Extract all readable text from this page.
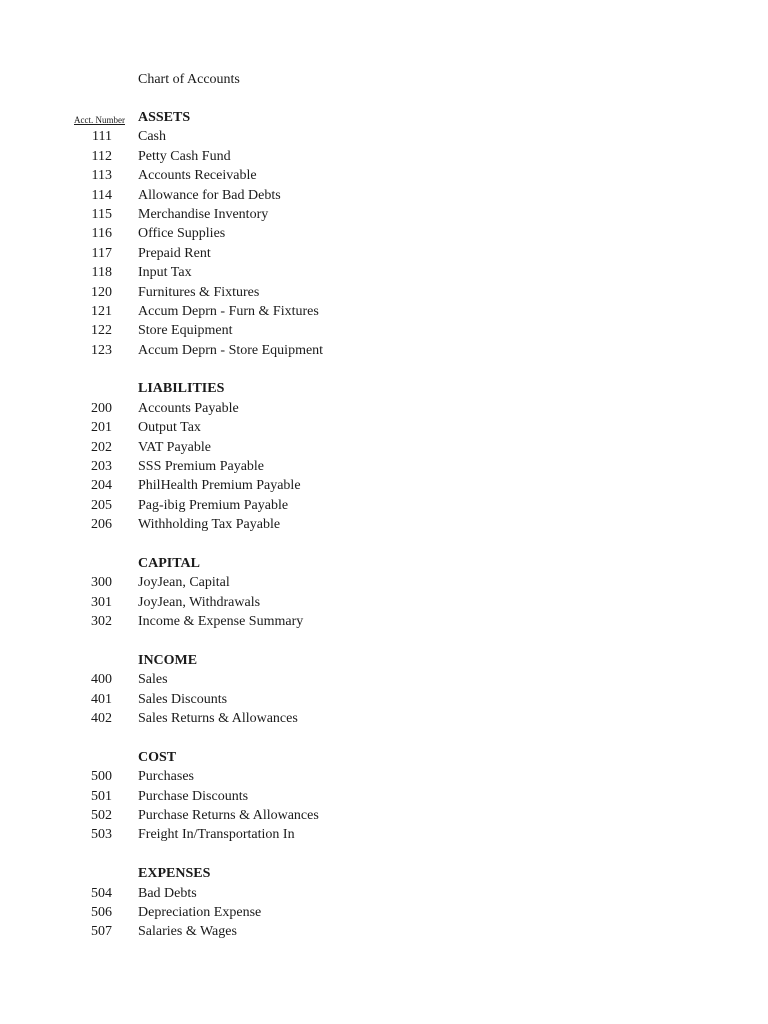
Chart of Accounts
Acct. Number ASSETS
111	Cash
112	Petty Cash Fund
113	Accounts Receivable
114	Allowance for Bad Debts
115	Merchandise Inventory
116	Office Supplies
117	Prepaid Rent
118	Input Tax
120	Furnitures & Fixtures
121	Accum Deprn - Furn & Fixtures
122	Store Equipment
123	Accum Deprn - Store Equipment
LIABILITIES
200	Accounts Payable
201	Output Tax
202	VAT Payable
203	SSS Premium Payable
204	PhilHealth Premium Payable
205	Pag-ibig Premium Payable
206	Withholding Tax Payable
CAPITAL
300	JoyJean, Capital
301	JoyJean, Withdrawals
302	Income & Expense Summary
INCOME
400	Sales
401	Sales Discounts
402	Sales Returns & Allowances
COST
500	Purchases
501	Purchase Discounts
502	Purchase Returns & Allowances
503	Freight In/Transportation In
EXPENSES
504	Bad Debts
506	Depreciation Expense
507	Salaries & Wages
